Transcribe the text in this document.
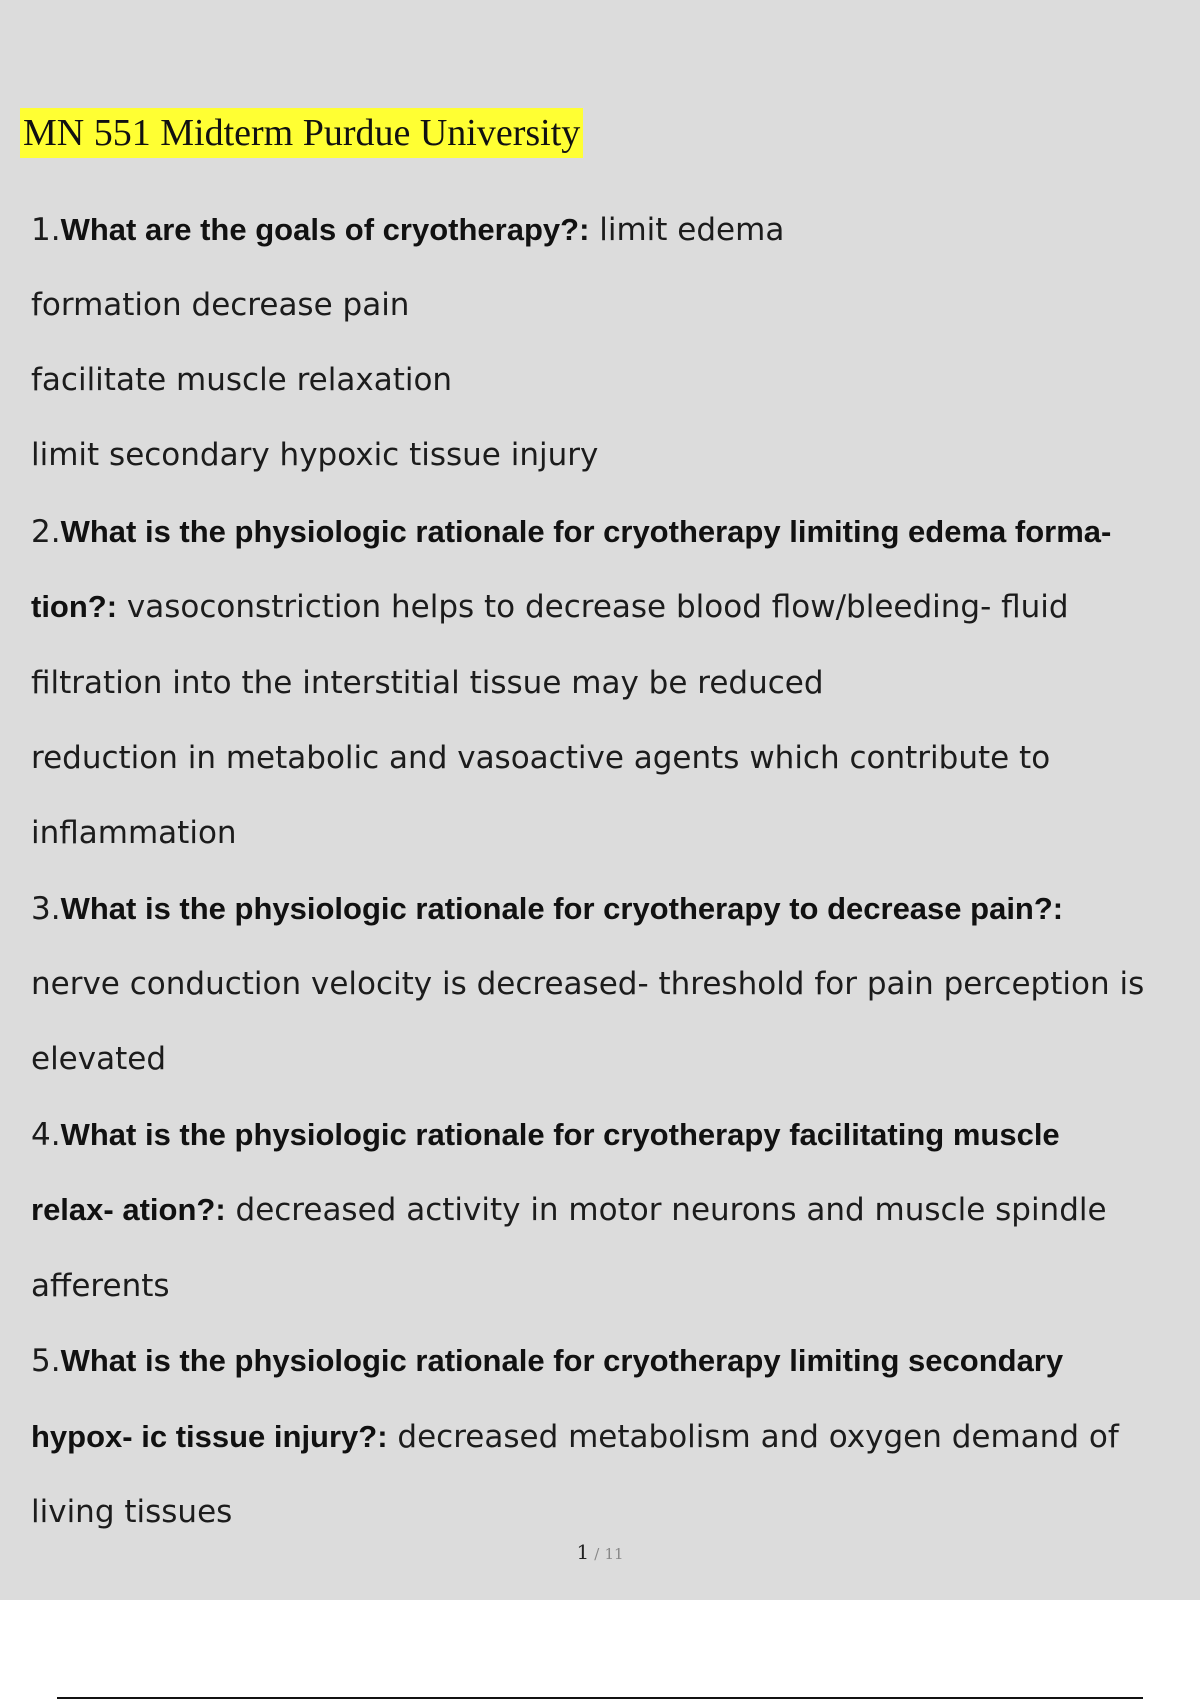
MN 551 Midterm Purdue University
1.What are the goals of cryotherapy?: limit edema
formation decrease pain
facilitate muscle relaxation
limit secondary hypoxic tissue injury
2.What is the physiologic rationale for cryotherapy limiting edema forma-
tion?: vasoconstriction helps to decrease blood flow/bleeding- fluid
filtration into the interstitial tissue may be reduced
reduction in metabolic and vasoactive agents which contribute to
inflammation
3.What is the physiologic rationale for cryotherapy to decrease pain?:
nerve conduction velocity is decreased- threshold for pain perception is
elevated
4.What is the physiologic rationale for cryotherapy facilitating muscle
relax- ation?: decreased activity in motor neurons and muscle spindle
afferents
5.What is the physiologic rationale for cryotherapy limiting secondary
hypox- ic tissue injury?: decreased metabolism and oxygen demand of
living tissues
1 / 11
